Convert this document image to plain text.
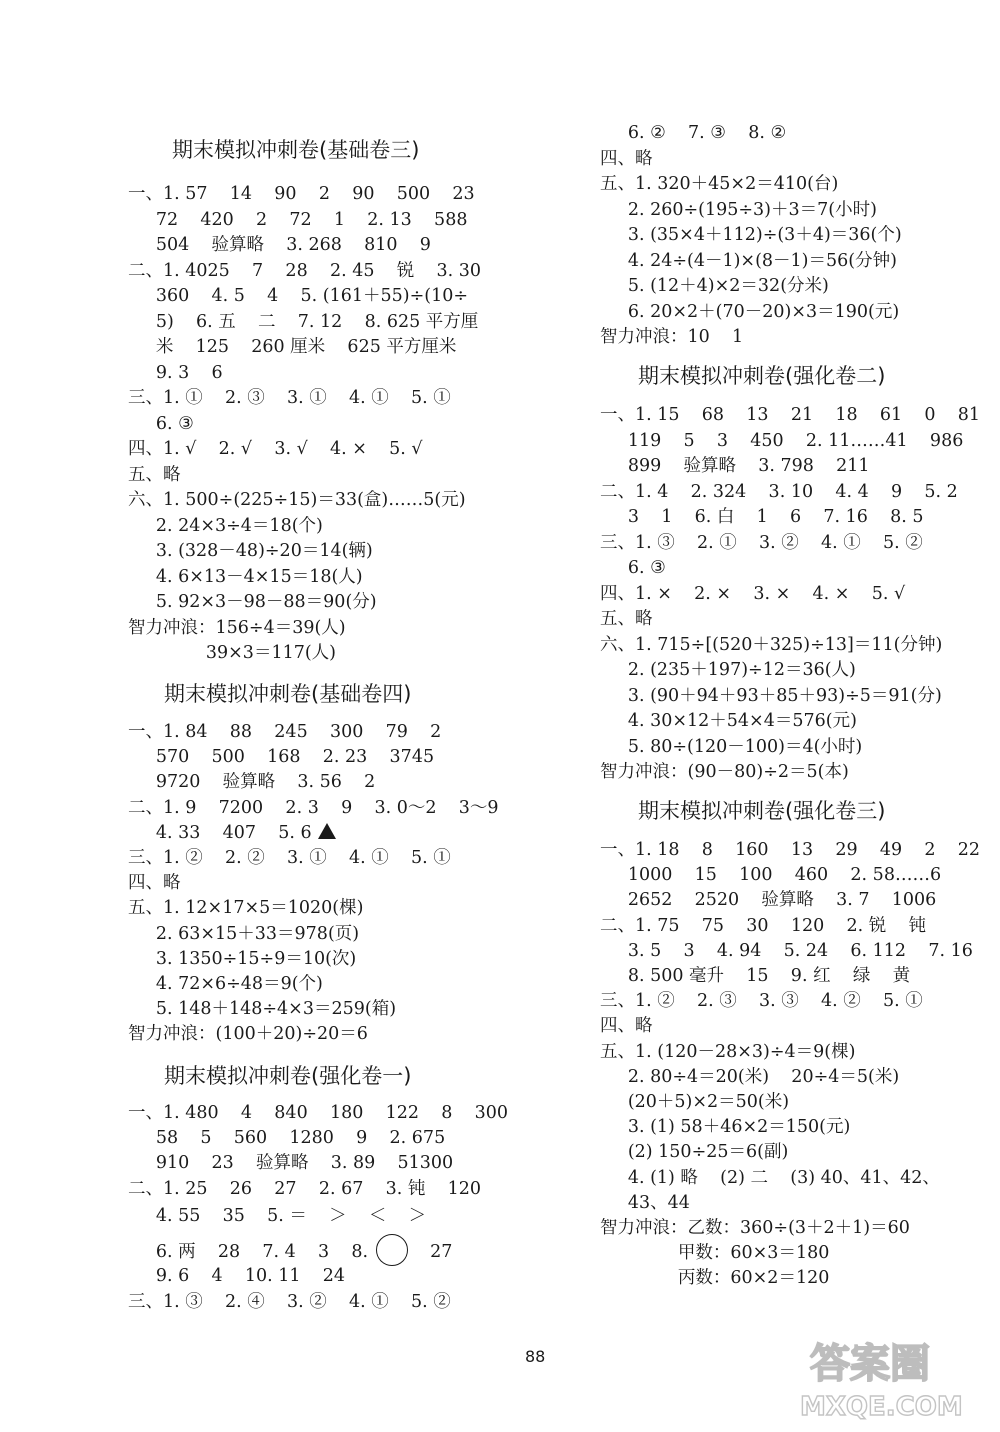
期末模拟冲刺卷(基础卷三)
一、1. 57    14    90    2    90    500    23
72    420    2    72    1    2. 13    588
504    验算略    3. 268    810    9
二、1. 4025    7    28    2. 45    锐    3. 30
360    4. 5    4    5. (161＋55)÷(10÷
5)    6. 五    二    7. 12    8. 625 平方厘
米    125    260 厘米    625 平方厘米
9. 3    6
三、1. ①    2. ③    3. ①    4. ①    5. ①
6. ③
四、1. √    2. √    3. √    4. ×    5. √
五、略
六、1. 500÷(225÷15)＝33(盒)……5(元)
2. 24×3÷4＝18(个)
3. (328－48)÷20＝14(辆)
4. 6×13－4×15＝18(人)
5. 92×3－98－88＝90(分)
智力冲浪：156÷4＝39(人)
39×3＝117(人)
期末模拟冲刺卷(基础卷四)
一、1. 84    88    245    300    79    2
570    500    168    2. 23    3745
9720    验算略    3. 56    2
二、1. 9    7200    2. 3    9    3. 0～2    3～9
4. 33    407    5. 6
三、1. ②    2. ②    3. ①    4. ①    5. ①
四、略
五、1. 12×17×5＝1020(棵)
2. 63×15＋33＝978(页)
3. 1350÷15÷9＝10(次)
4. 72×6÷48＝9(个)
5. 148＋148÷4×3＝259(箱)
智力冲浪：(100＋20)÷20＝6
期末模拟冲刺卷(强化卷一)
一、1. 480    4    840    180    122    8    300
58    5    560    1280    9    2. 675
910    23    验算略    3. 89    51300
二、1. 25    26    27    2. 67    3. 钝    120
4. 55    35    5. ＝    ＞    ＜    ＞
6. 两    28    7. 4    3    8.	27
9. 6    4    10. 11    24
三、1. ③    2. ④    3. ②    4. ①    5. ②
6. ②    7. ③    8. ②
四、略
五、1. 320＋45×2＝410(台)
2. 260÷(195÷3)＋3＝7(小时)
3. (35×4＋112)÷(3＋4)＝36(个)
4. 24÷(4－1)×(8－1)＝56(分钟)
5. (12＋4)×2＝32(分米)
6. 20×2＋(70－20)×3＝190(元)
智力冲浪：10    1
期末模拟冲刺卷(强化卷二)
一、1. 15    68    13    21    18    61    0    81
119    5    3    450    2. 11……41    986
899    验算略    3. 798    211
二、1. 4    2. 324    3. 10    4. 4    9    5. 2
3    1    6. 白    1    6    7. 16    8. 5
三、1. ③    2. ①    3. ②    4. ①    5. ②
6. ③
四、1. ×    2. ×    3. ×    4. ×    5. √
五、略
六、1. 715÷[(520＋325)÷13]＝11(分钟)
2. (235＋197)÷12＝36(人)
3. (90＋94＋93＋85＋93)÷5＝91(分)
4. 30×12＋54×4＝576(元)
5. 80÷(120－100)＝4(小时)
智力冲浪：(90－80)÷2＝5(本)
期末模拟冲刺卷(强化卷三)
一、1. 18    8    160    13    29    49    2    22
1000    15    100    460    2. 58……6
2652    2520    验算略    3. 7    1006
二、1. 75    75    30    120    2. 锐    钝
3. 5    3    4. 94    5. 24    6. 112    7. 16
8. 500 毫升    15    9. 红    绿    黄
三、1. ②    2. ③    3. ③    4. ②    5. ①
四、略
五、1. (120－28×3)÷4＝9(棵)
2. 80÷4＝20(米)    20÷4＝5(米)
(20＋5)×2＝50(米)
3. (1) 58＋46×2＝150(元)
(2) 150÷25＝6(副)
4. (1) 略    (2) 二    (3) 40、41、42、
43、44
智力冲浪：乙数：360÷(3＋2＋1)＝60
甲数：60×3＝180
丙数：60×2＝120
88	答案圈
MXQE.COM
